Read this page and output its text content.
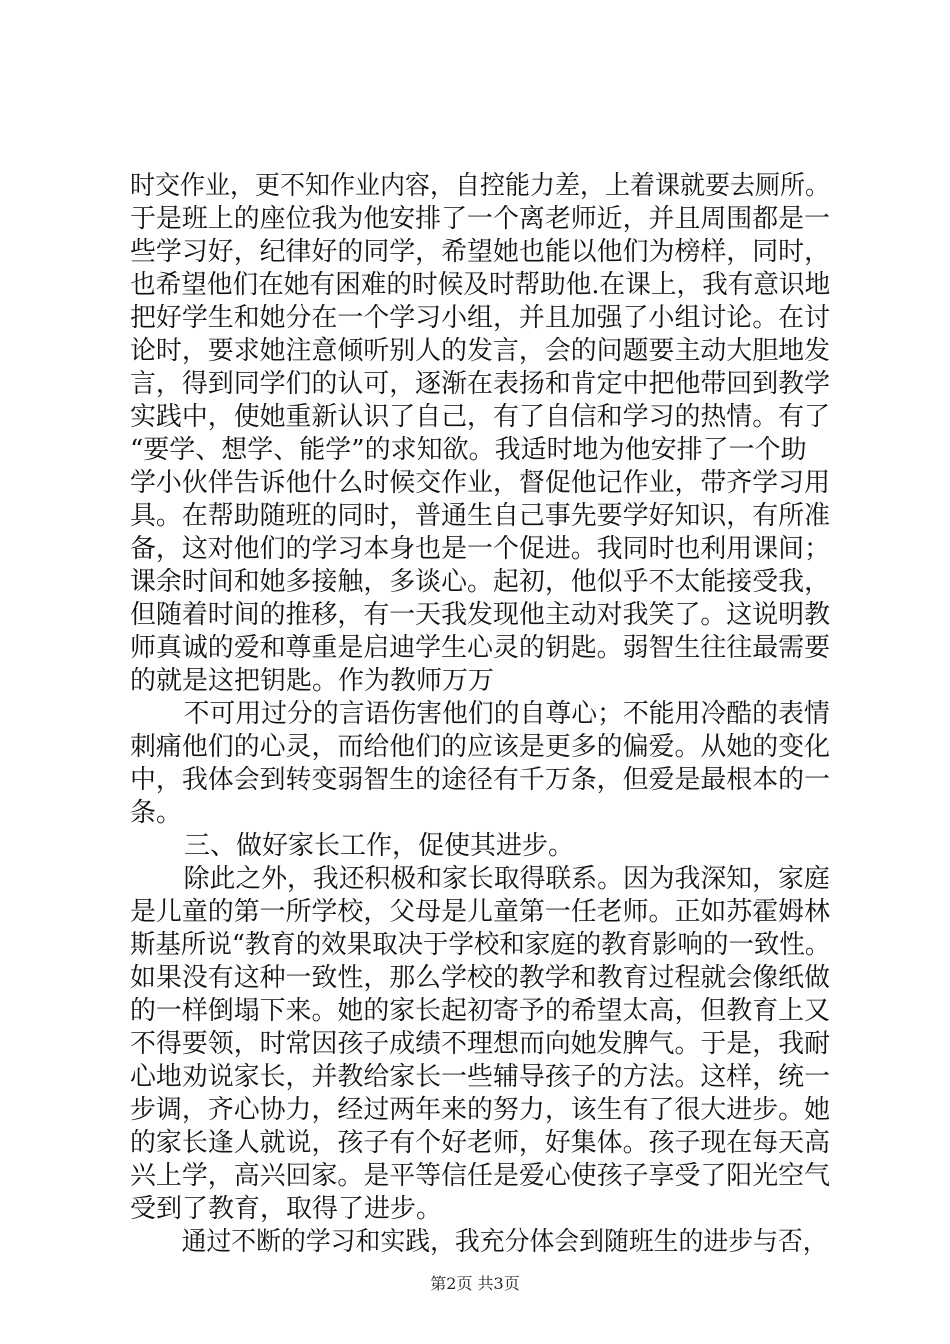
时交作业，更不知作业内容，自控能力差，上着课就要去厕所。
于是班上的座位我为他安排了一个离老师近，并且周围都是一
些学习好，纪律好的同学，希望她也能以他们为榜样，同时，
也希望他们在她有困难的时候及时帮助他.在课上，我有意识地
把好学生和她分在一个学习小组，并且加强了小组讨论。在讨
论时，要求她注意倾听别人的发言，会的问题要主动大胆地发
言，得到同学们的认可，逐渐在表扬和肯定中把他带回到教学
实践中，使她重新认识了自己，有了自信和学习的热情。有了
“要学、想学、能学”的求知欲。我适时地为他安排了一个助
学小伙伴告诉他什么时候交作业，督促他记作业，带齐学习用
具。在帮助随班的同时，普通生自己事先要学好知识，有所准
备，这对他们的学习本身也是一个促进。我同时也利用课间；
课余时间和她多接触，多谈心。起初，他似乎不太能接受我，
但随着时间的推移，有一天我发现他主动对我笑了。这说明教
师真诚的爱和尊重是启迪学生心灵的钥匙。弱智生往往最需要
的就是这把钥匙。作为教师万万
不可用过分的言语伤害他们的自尊心；不能用冷酷的表情
刺痛他们的心灵，而给他们的应该是更多的偏爱。从她的变化
中，我体会到转变弱智生的途径有千万条，但爱是最根本的一
条。
三、做好家长工作，促使其进步。
除此之外，我还积极和家长取得联系。因为我深知，家庭
是儿童的第一所学校，父母是儿童第一任老师。正如苏霍姆林
斯基所说“教育的效果取决于学校和家庭的教育影响的一致性。
如果没有这种一致性，那么学校的教学和教育过程就会像纸做
的一样倒塌下来。她的家长起初寄予的希望太高，但教育上又
不得要领，时常因孩子成绩不理想而向她发脾气。于是，我耐
心地劝说家长，并教给家长一些辅导孩子的方法。这样，统一
步调，齐心协力，经过两年来的努力，该生有了很大进步。她
的家长逢人就说，孩子有个好老师，好集体。孩子现在每天高
兴上学，高兴回家。是平等信任是爱心使孩子享受了阳光空气
受到了教育，取得了进步。
通过不断的学习和实践，我充分体会到随班生的进步与否，
第2页 共3页
